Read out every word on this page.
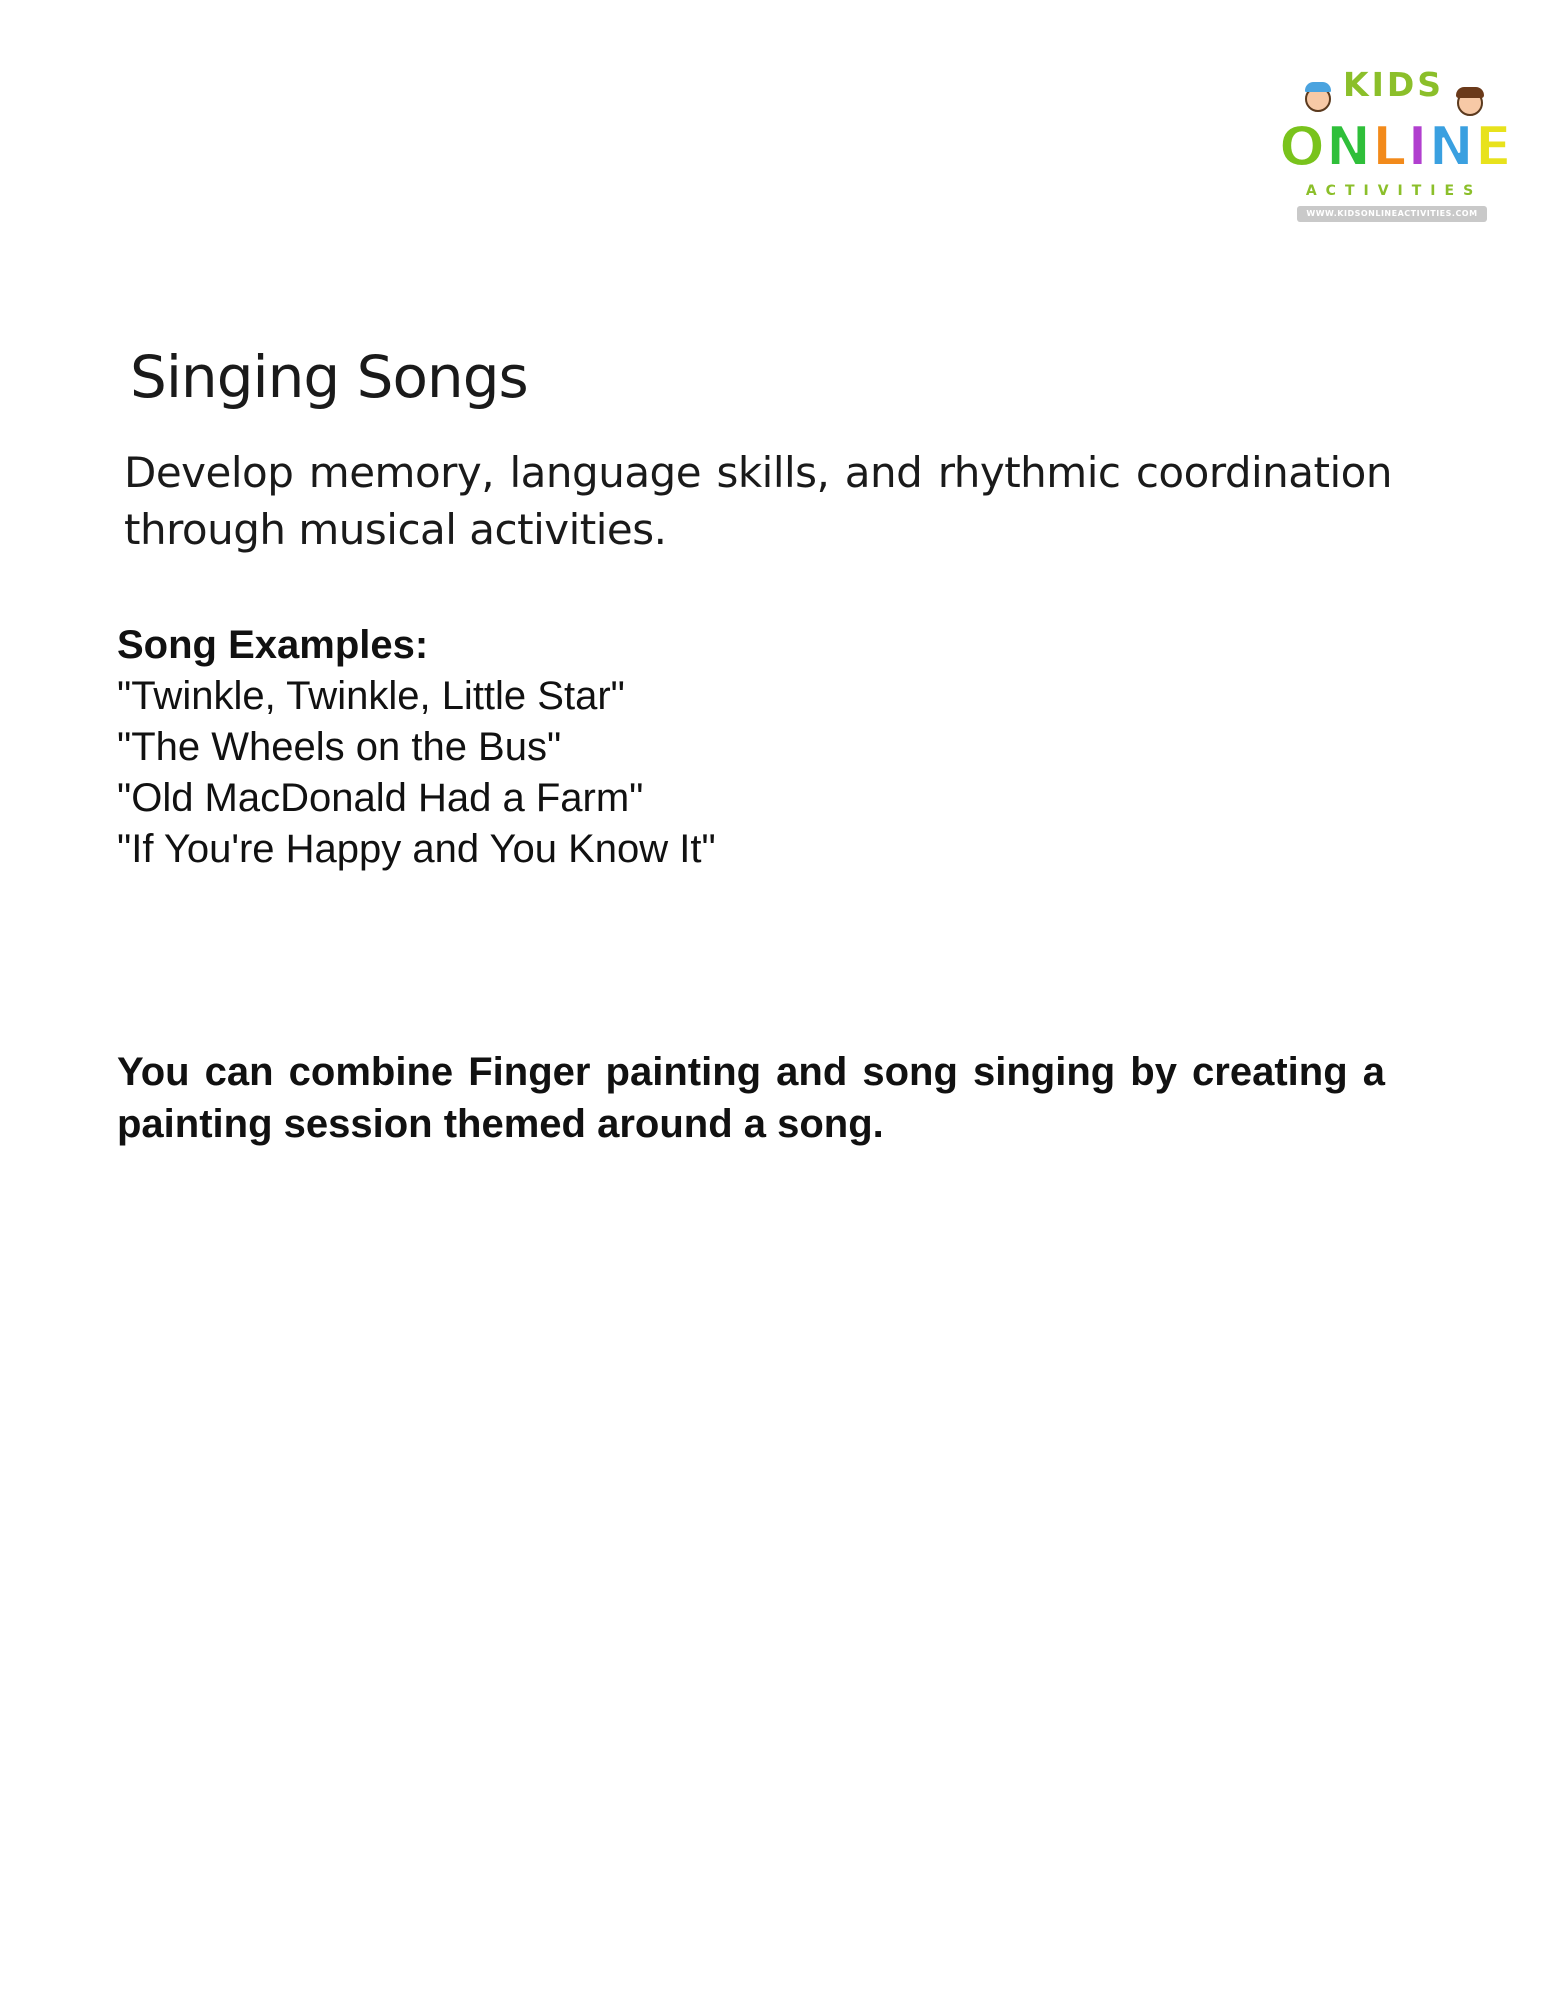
KIDS
ONLINE
ACTIVITIES
WWW.KIDSONLINEACTIVITIES.COM
Singing Songs

Develop memory, language skills, and rhythmic coordination through musical activities.

Song Examples:
"Twinkle, Twinkle, Little Star"
"The Wheels on the Bus"
"Old MacDonald Had a Farm"
"If You're Happy and You Know It"

You can combine Finger painting and song singing by creating a painting session themed around a song.
